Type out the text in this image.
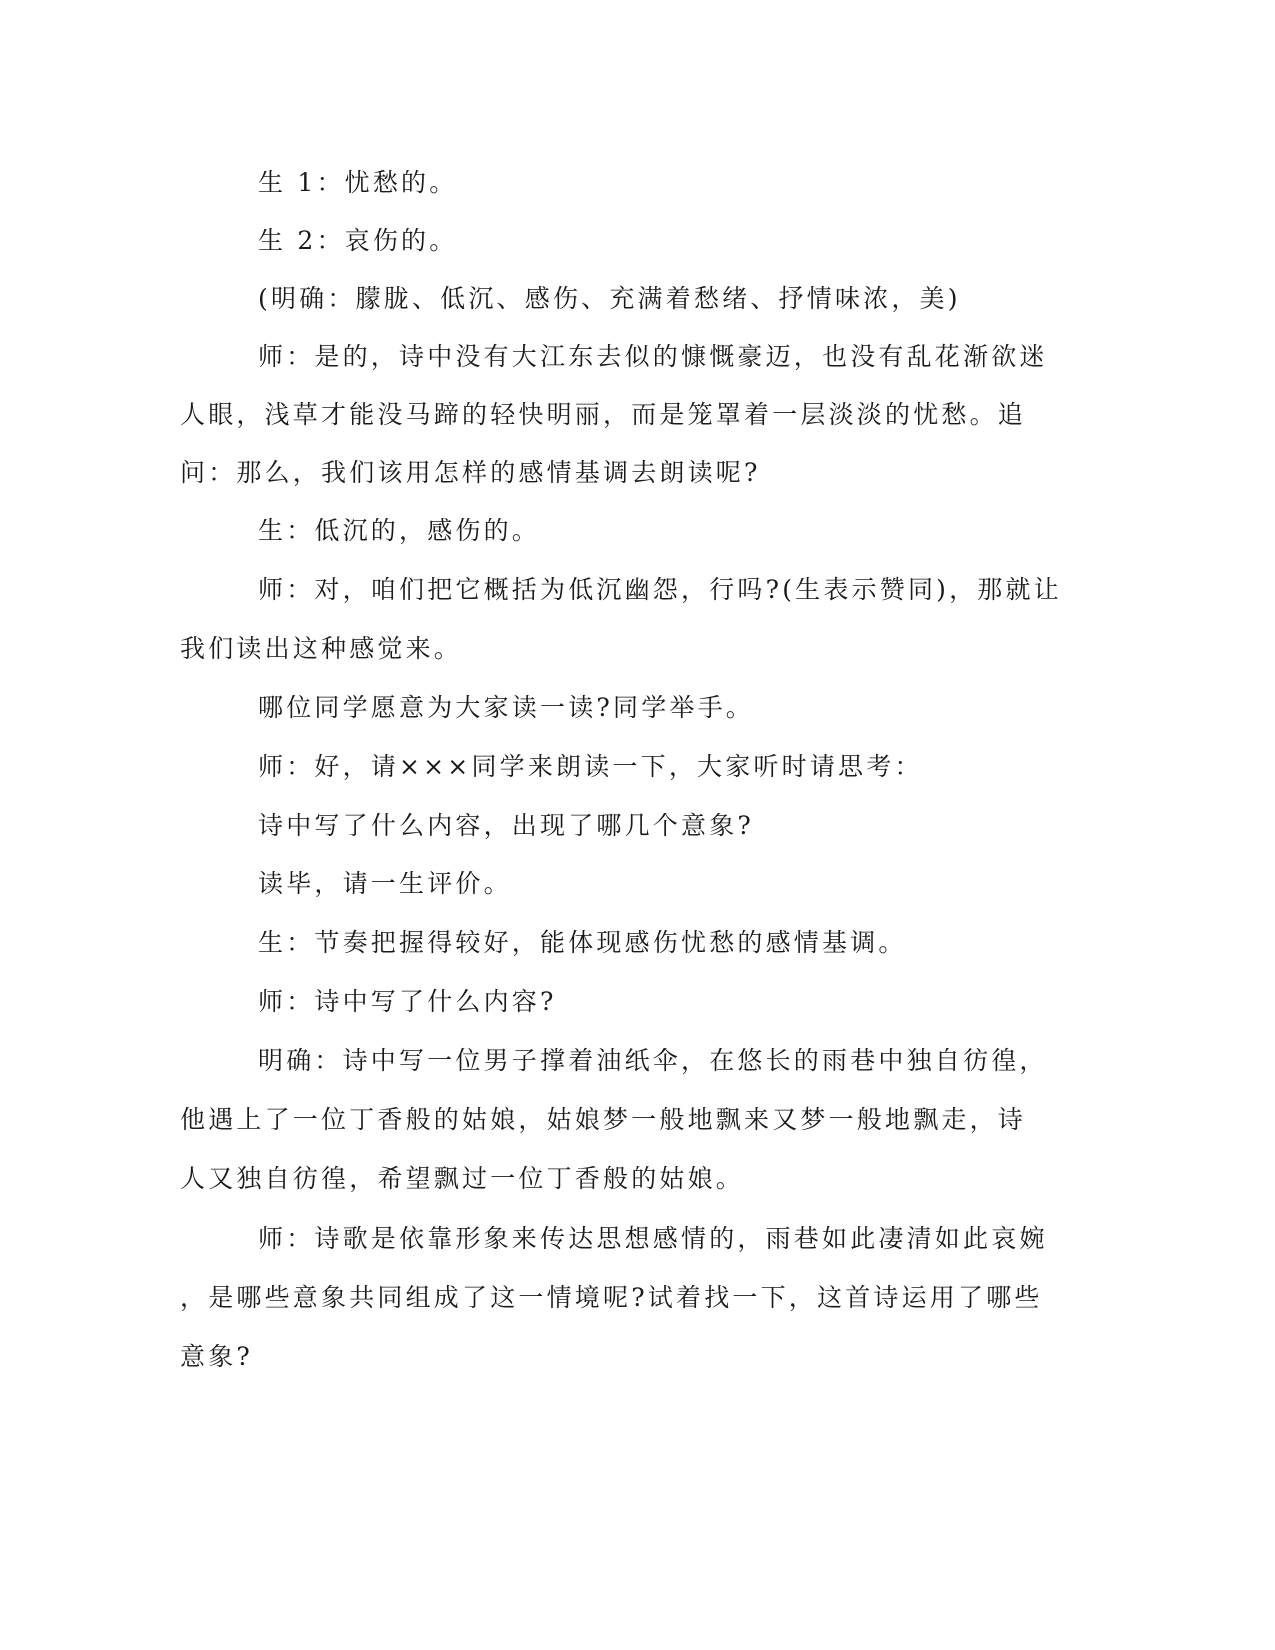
生 1：忧愁的。
生 2：哀伤的。
(明确：朦胧、低沉、感伤、充满着愁绪、抒情味浓，美)
师：是的，诗中没有大江东去似的慷慨豪迈，也没有乱花渐欲迷
人眼，浅草才能没马蹄的轻快明丽，而是笼罩着一层淡淡的忧愁。追
问：那么，我们该用怎样的感情基调去朗读呢?
生：低沉的，感伤的。
师：对，咱们把它概括为低沉幽怨，行吗?(生表示赞同)，那就让
我们读出这种感觉来。
哪位同学愿意为大家读一读?同学举手。
师：好，请×××同学来朗读一下，大家听时请思考：
诗中写了什么内容，出现了哪几个意象?
读毕，请一生评价。
生：节奏把握得较好，能体现感伤忧愁的感情基调。
师：诗中写了什么内容?
明确：诗中写一位男子撑着油纸伞，在悠长的雨巷中独自彷徨，
他遇上了一位丁香般的姑娘，姑娘梦一般地飘来又梦一般地飘走，诗
人又独自彷徨，希望飘过一位丁香般的姑娘。
师：诗歌是依靠形象来传达思想感情的，雨巷如此凄清如此哀婉
，是哪些意象共同组成了这一情境呢?试着找一下，这首诗运用了哪些
意象?
